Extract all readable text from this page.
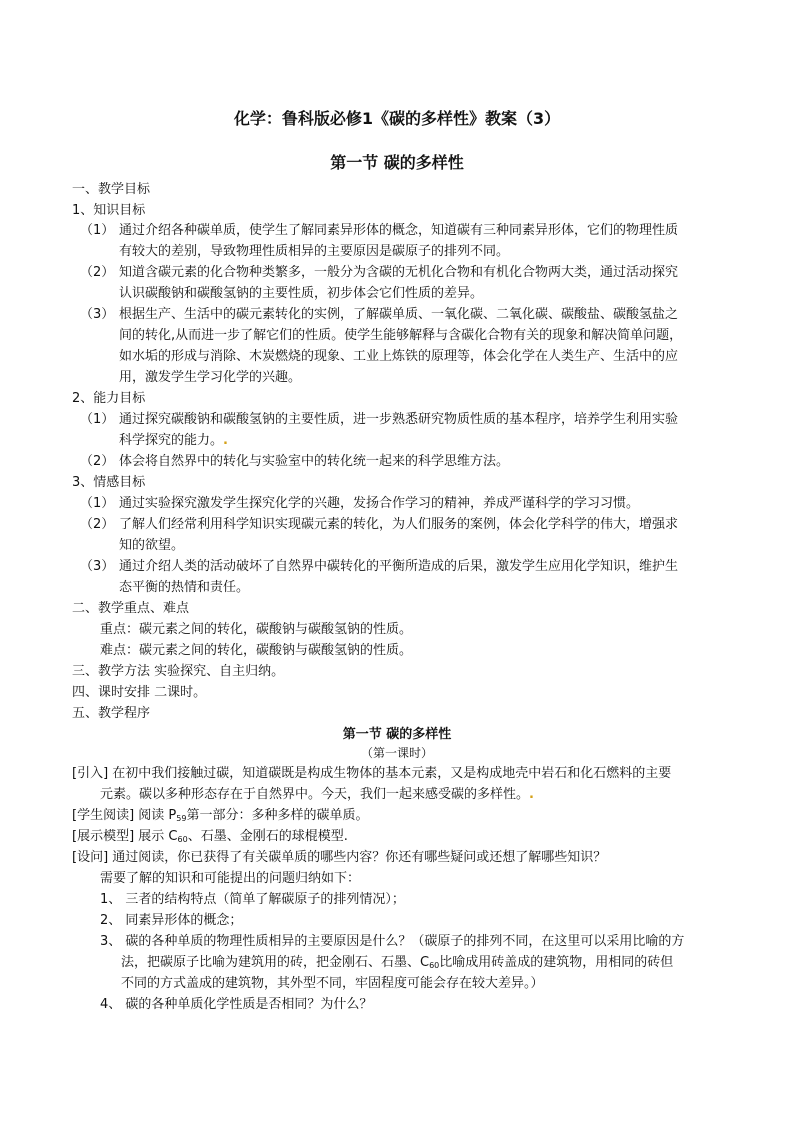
化学：鲁科版必修1《碳的多样性》教案（3）
第一节 碳的多样性
一、教学目标
1、知识目标
（1） 通过介绍各种碳单质，使学生了解同素异形体的概念，知道碳有三种同素异形体，它们的物理性质
有较大的差别，导致物理性质相异的主要原因是碳原子的排列不同。
（2） 知道含碳元素的化合物种类繁多，一般分为含碳的无机化合物和有机化合物两大类，通过活动探究
认识碳酸钠和碳酸氢钠的主要性质，初步体会它们性质的差异。
（3） 根据生产、生活中的碳元素转化的实例，了解碳单质、一氧化碳、二氧化碳、碳酸盐、碳酸氢盐之
间的转化,从而进一步了解它们的性质。使学生能够解释与含碳化合物有关的现象和解决简单问题，
如水垢的形成与消除、木炭燃烧的现象、工业上炼铁的原理等，体会化学在人类生产、生活中的应
用，激发学生学习化学的兴趣。
2、能力目标
（1） 通过探究碳酸钠和碳酸氢钠的主要性质，进一步熟悉研究物质性质的基本程序，培养学生利用实验
科学探究的能力。.
（2） 体会将自然界中的转化与实验室中的转化统一起来的科学思维方法。
3、情感目标
（1） 通过实验探究激发学生探究化学的兴趣，发扬合作学习的精神，养成严谨科学的学习习惯。
（2） 了解人们经常利用科学知识实现碳元素的转化，为人们服务的案例，体会化学科学的伟大，增强求
知的欲望。
（3） 通过介绍人类的活动破坏了自然界中碳转化的平衡所造成的后果，激发学生应用化学知识，维护生
态平衡的热情和责任。
二、教学重点、难点
重点：碳元素之间的转化，碳酸钠与碳酸氢钠的性质。
难点：碳元素之间的转化，碳酸钠与碳酸氢钠的性质。
三、教学方法 实验探究、自主归纳。
四、课时安排 二课时。
五、教学程序
第一节 碳的多样性
（第一课时）
[引入] 在初中我们接触过碳，知道碳既是构成生物体的基本元素，又是构成地壳中岩石和化石燃料的主要
元素。碳以多种形态存在于自然界中。今天，我们一起来感受碳的多样性。.
[学生阅读] 阅读 $P_{59}$第一部分：多种多样的碳单质。
[展示模型] 展示 $C_{60}$、石墨、金刚石的球棍模型.
[设问] 通过阅读，你已获得了有关碳单质的哪些内容？你还有哪些疑问或还想了解哪些知识？
需要了解的知识和可能提出的问题归纳如下：
1、 三者的结构特点（简单了解碳原子的排列情况）；
2、 同素异形体的概念；
3、 碳的各种单质的物理性质相异的主要原因是什么？（碳原子的排列不同，在这里可以采用比喻的方
法，把碳原子比喻为建筑用的砖，把金刚石、石墨、$C_{60}$比喻成用砖盖成的建筑物，用相同的砖但
不同的方式盖成的建筑物，其外型不同，牢固程度可能会存在较大差异。）
4、 碳的各种单质化学性质是否相同？为什么？
